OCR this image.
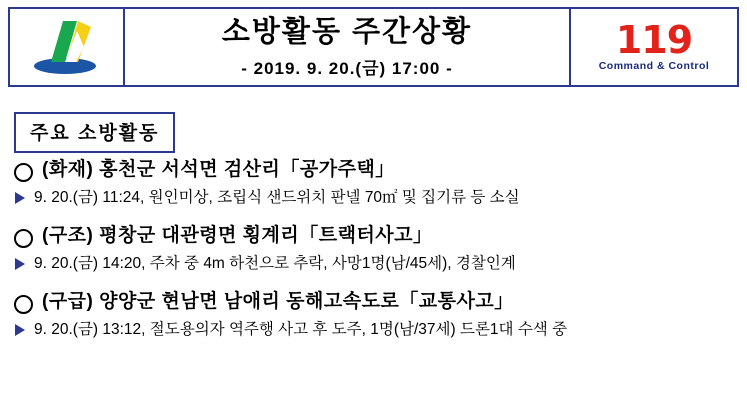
소방활동 주간상황
- 2019. 9. 20.(금) 17:00 -
119
Command & Control
주요 소방활동
(화재) 홍천군 서석면 검산리「공가주택」
9. 20.(금) 11:24, 원인미상, 조립식 샌드위치 판넬 70㎡ 및 집기류 등 소실
(구조) 평창군 대관령면 횡계리「트랙터사고」
9. 20.(금) 14:20, 주차 중 4m 하천으로 추락, 사망1명(남/45세), 경찰인계
(구급) 양양군 현남면 남애리 동해고속도로「교통사고」
9. 20.(금) 13:12, 절도용의자 역주행 사고 후 도주, 1명(남/37세) 드론1대 수색 중
